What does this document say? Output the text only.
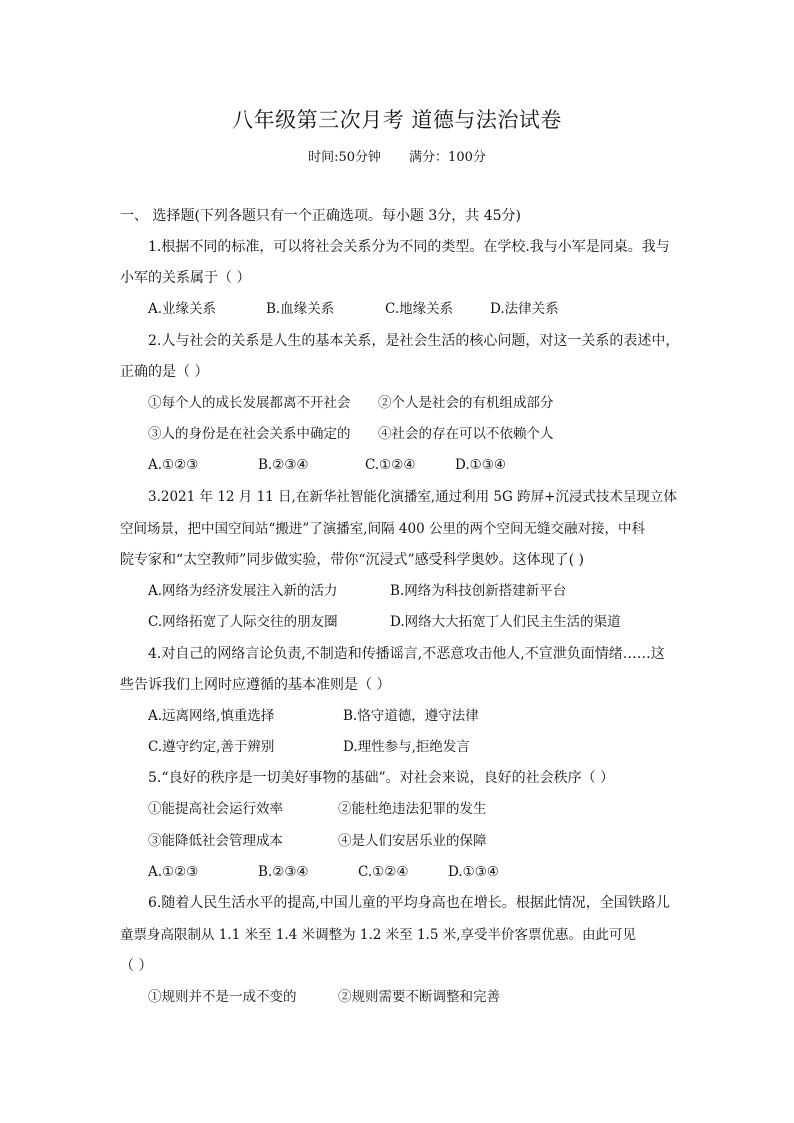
八年级第三次月考 道德与法治试卷
时间:50分钟 满分：100分
一、 选择题(下列各题只有一个正确选项。每小题 3分，共 45分)
1.根据不同的标准，可以将社会关系分为不同的类型。在学校.我与小军是同桌。我与
小军的关系属于（ ）
A.业缘关系	B.血缘关系	C.地缘关系	D.法律关系
2.人与社会的关系是人生的基本关系，是社会生活的核心问题，对这一关系的表述中，
正确的是（ ）
①每个人的成长发展都离不开社会 ②个人是社会的有机组成部分
③人的身份是在社会关系中确定的 ④社会的存在可以不依赖个人
A.①②③	B.②③④	C.①②④	D.①③④
3.2021 年 12 月 11 日,在新华社智能化演播室,通过利用 5G 跨屏+沉浸式技术呈现立体
空间场景，把中国空间站“搬进”了演播室,间隔 400 公里的两个空间无缝交融对接，中科
院专家和“太空教师”同步做实验，带你“沉浸式”感受科学奥妙。这体现了( )
A.网络为经济发展注入新的活力	B.网络为科技创新搭建新平台
C.网络拓宽了人际交往的朋友圈	D.网络大大拓宽丁人们民主生活的渠道
4.对自己的网络言论负责,不制造和传播谣言,不恶意攻击他人,不宣泄负面情绪……这
些告诉我们上网时应遵循的基本准则是（ ）
A.远离网络,慎重选择	B.恪守道德，遵守法律
C.遵守约定,善于辨别	D.理性参与,拒绝发言
5.“良好的秩序是一切美好事物的基础”。对社会来说，良好的社会秩序（ ）
①能提高社会运行效率	②能杜绝违法犯罪的发生
③能降低社会管理成本	④是人们安居乐业的保障
A.①②③	B.②③④	C.①②④	D.①③④
6.随着人民生活水平的提高,中国儿童的平均身高也在增长。根据此情况，全国铁路儿
童票身高限制从 1.1 米至 1.4 米调整为 1.2 米至 1.5 米,享受半价客票优惠。由此可见
（ ）
①规则并不是一成不变的	②规则需要不断调整和完善
